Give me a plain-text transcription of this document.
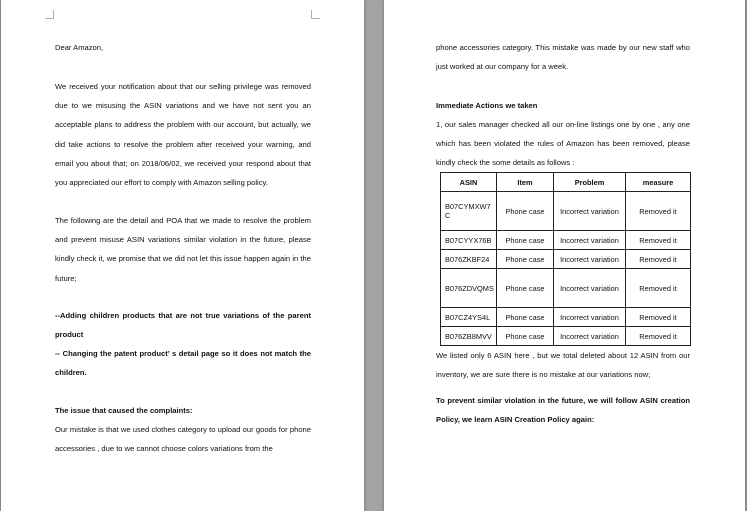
Dear Amazon,
We received your notification about that our selling privilege was removed due to we misusing the ASIN variations and we have not sent you an acceptable plans to address the problem with our account, but actually, we did take actions to resolve the problem after received your warning, and email you about that; on 2018/06/02, we received your respond about that you appreciated our effort to comply with Amazon selling policy.
The following are the detail and POA that we made to resolve the problem and prevent misuse ASIN variations similar violation in the future, please kindly check it, we promise that we did not let this issue happen again in the future;
--Adding children products that are not true variations of the parent product
-- Changing the patent product’ s detail page so it does not match the children.
The issue that caused the complaints:
Our mistake is that we used clothes category to upload our goods for phone accessories , due to we cannot choose colors variations from the
phone accessories category. This mistake was made by our new staff who just worked at our company for a week.
Immediate Actions we taken
1, our sales manager checked all our on-line listings one by one , any one which has been violated the rules of Amazon has been removed, please kindly check the some details as follows :
ASIN	Item	Problem	measure
B07CYMXW7C	Phone case	Incorrect variation	Removed it
B07CYYX76B	Phone case	Incorrect variation	Removed it
B076ZKBF24	Phone case	Incorrect variation	Removed it
B076ZDVQMS	Phone case	Incorrect variation	Removed it
B07CZ4YS4L	Phone case	Incorrect variation	Removed it
B076ZB8MVV	Phone case	Incorrect variation	Removed it
We listed only 6 ASIN here , but we total deleted about 12 ASIN from our inventory, we are sure there is no mistake at our variations now;
To prevent similar violation in the future, we will follow ASIN creation Policy, we learn ASIN Creation Policy again:
